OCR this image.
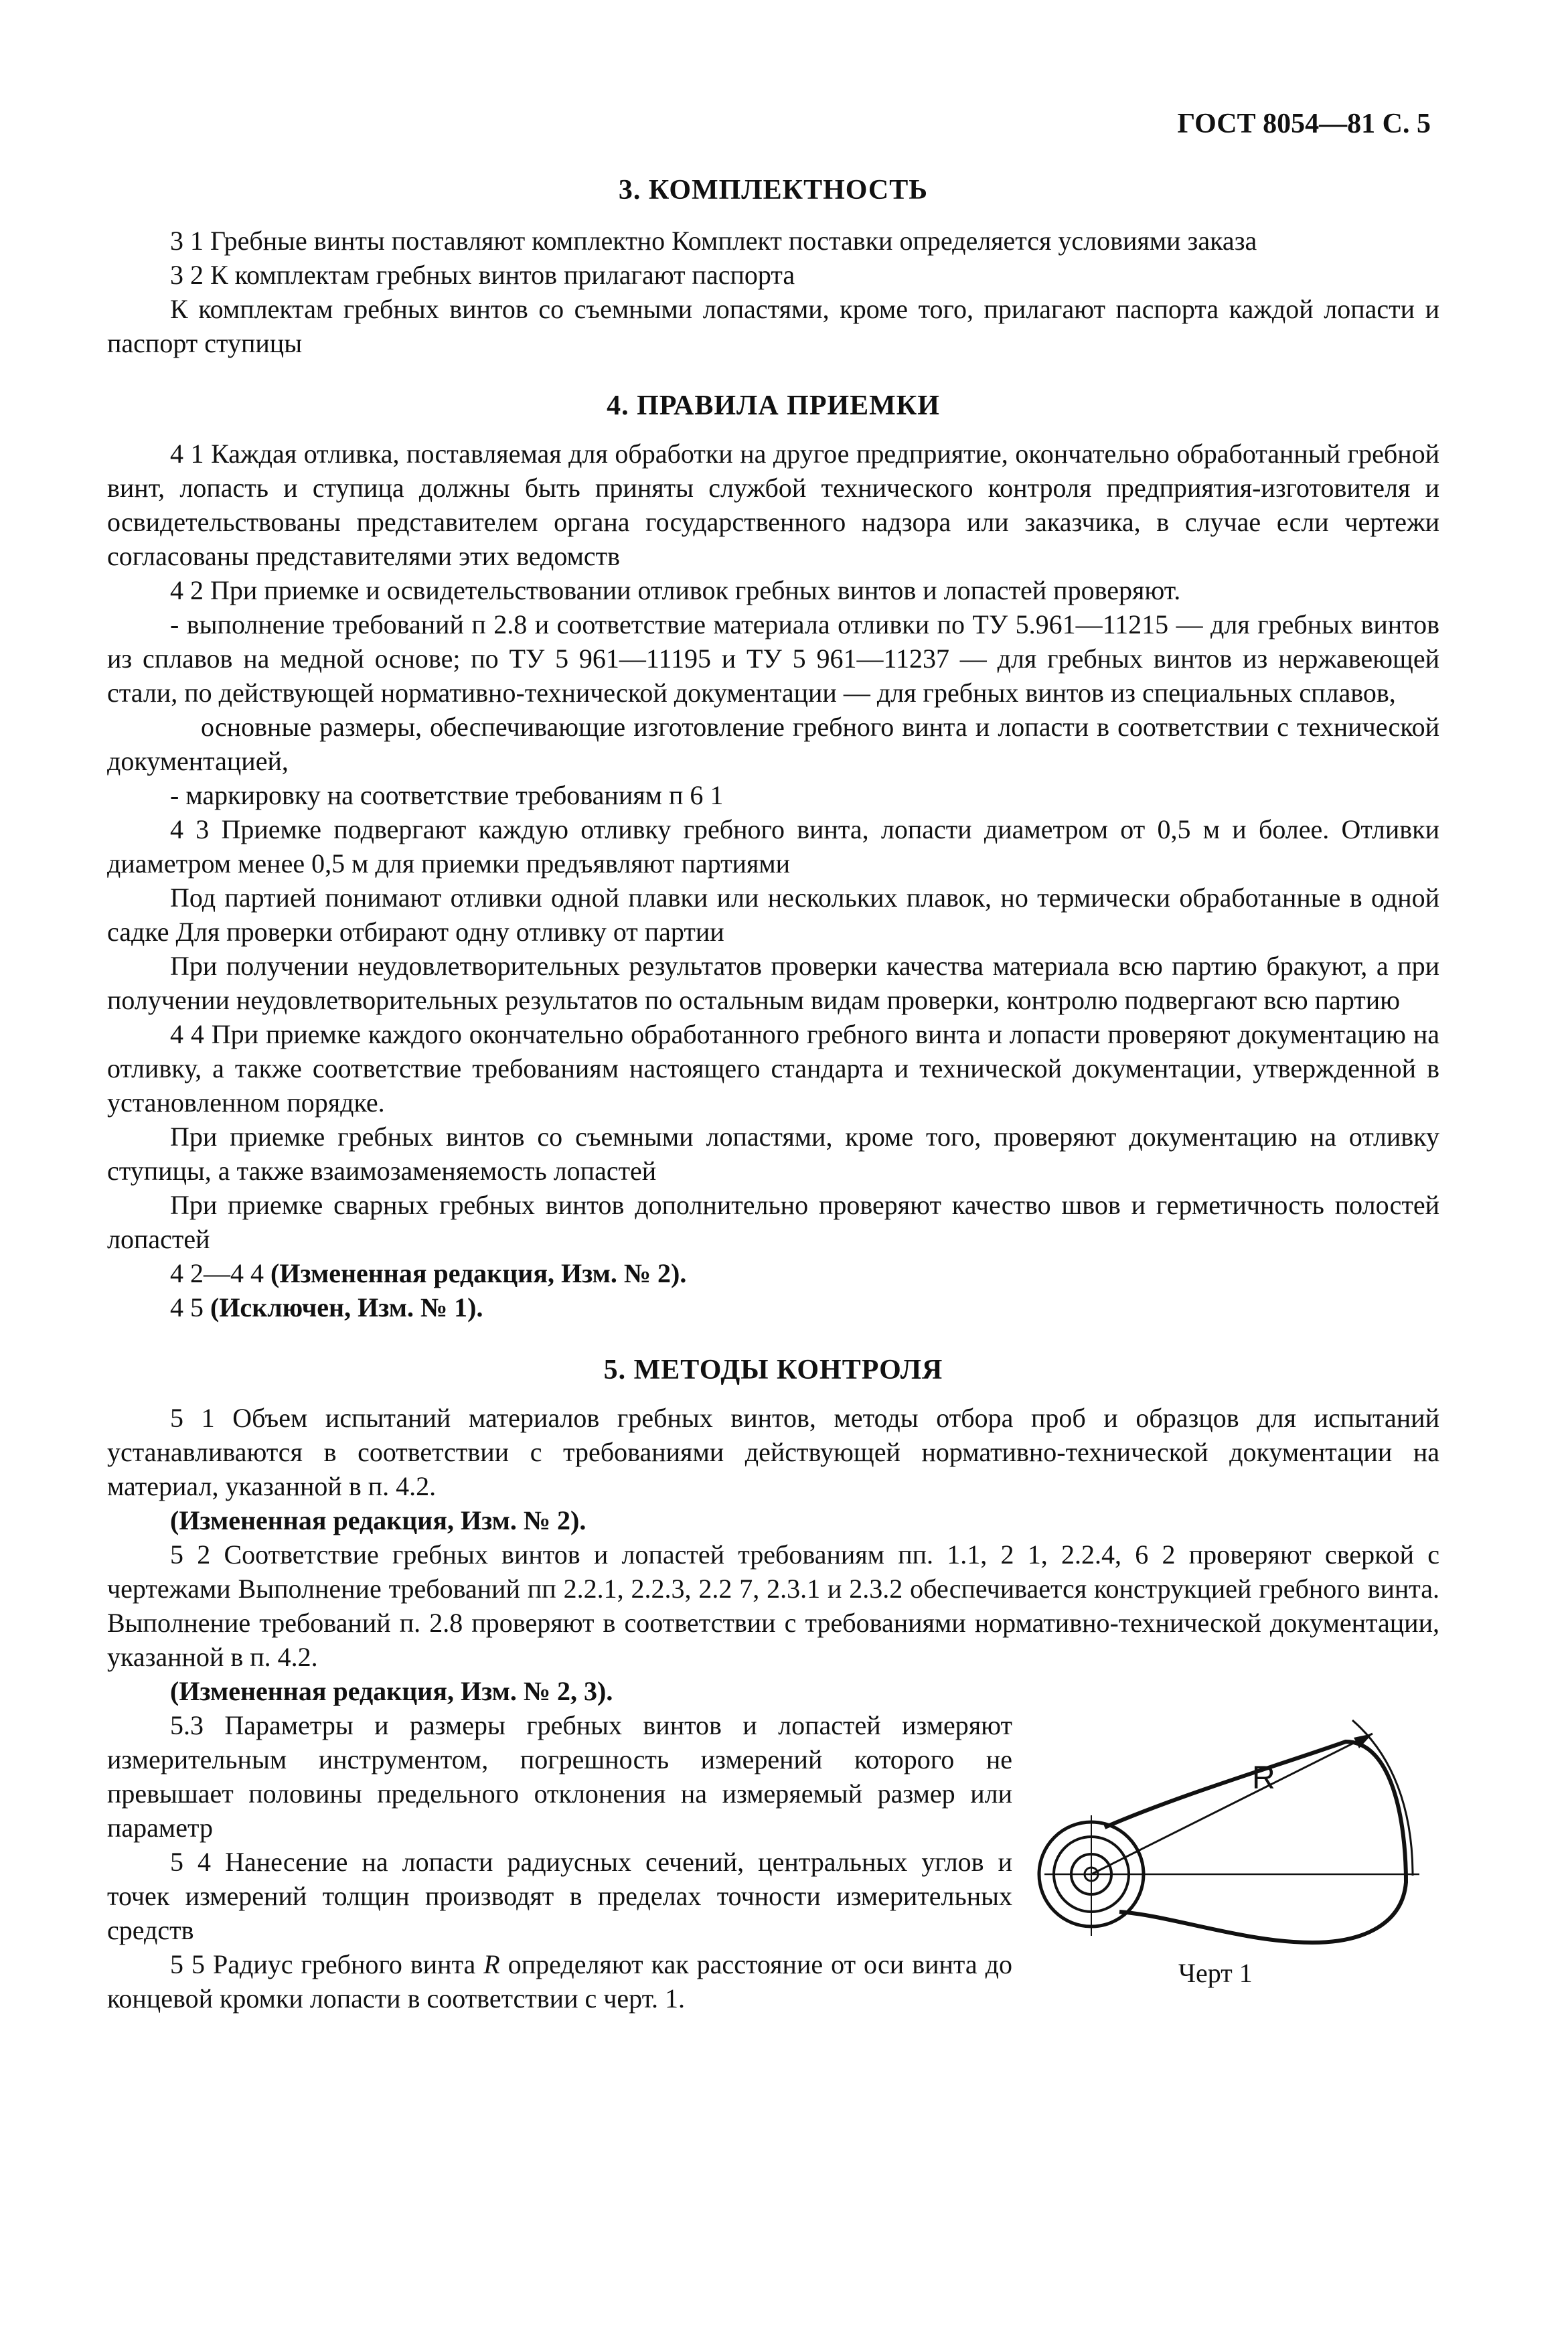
ГОСТ 8054—81 С. 5
3. КОМПЛЕКТНОСТЬ

3 1 Гребные винты поставляют комплектно Комплект поставки определяется условиями заказа

3 2 К комплектам гребных винтов прилагают паспорта

К комплектам гребных винтов со съемными лопастями, кроме того, прилагают паспорта каждой лопасти и паспорт ступицы

4. ПРАВИЛА ПРИЕМКИ

4 1 Каждая отливка, поставляемая для обработки на другое предприятие, окончательно обработанный гребной винт, лопасть и ступица должны быть приняты службой технического контроля предприятия-изготовителя и освидетельствованы представителем органа государственного надзора или заказчика, в случае если чертежи согласованы представителями этих ведомств

4 2 При приемке и освидетельствовании отливок гребных винтов и лопастей проверяют.

- выполнение требований п 2.8 и соответствие материала отливки по ТУ 5.961—11215 — для гребных винтов из сплавов на медной основе; по ТУ 5 961—11195 и ТУ 5 961—11237 — для гребных винтов из нержавеющей стали, по действующей нормативно-технической документации — для гребных винтов из специальных сплавов,

основные размеры, обеспечивающие изготовление гребного винта и лопасти в соответствии с технической документацией,

- маркировку на соответствие требованиям п 6 1

4 3 Приемке подвергают каждую отливку гребного винта, лопасти диаметром от 0,5 м и более. Отливки диаметром менее 0,5 м для приемки предъявляют партиями

Под партией понимают отливки одной плавки или нескольких плавок, но термически обработанные в одной садке Для проверки отбирают одну отливку от партии

При получении неудовлетворительных результатов проверки качества материала всю партию бракуют, а при получении неудовлетворительных результатов по остальным видам проверки, контролю подвергают всю партию

4 4 При приемке каждого окончательно обработанного гребного винта и лопасти проверяют документацию на отливку, а также соответствие требованиям настоящего стандарта и технической документации, утвержденной в установленном порядке.

При приемке гребных винтов со съемными лопастями, кроме того, проверяют документацию на отливку ступицы, а также взаимозаменяемость лопастей

При приемке сварных гребных винтов дополнительно проверяют качество швов и герметичность полостей лопастей

4 2—4 4 (Измененная редакция, Изм. № 2).

4 5 (Исключен, Изм. № 1).

5. МЕТОДЫ КОНТРОЛЯ

5 1 Объем испытаний материалов гребных винтов, методы отбора проб и образцов для испытаний устанавливаются в соответствии с требованиями действующей нормативно-технической документации на материал, указанной в п. 4.2.

(Измененная редакция, Изм. № 2).

5 2 Соответствие гребных винтов и лопастей требованиям пп. 1.1, 2 1, 2.2.4, 6 2 проверяют сверкой с чертежами Выполнение требований пп 2.2.1, 2.2.3, 2.2 7, 2.3.1 и 2.3.2 обеспечивается конструкцией гребного винта. Выполнение требований п. 2.8 проверяют в соответствии с требованиями нормативно-технической документации, указанной в п. 4.2.

(Измененная редакция, Изм. № 2, 3).

5.3 Параметры и размеры гребных винтов и лопастей измеряют измерительным инструментом, погрешность измерений которого не превышает половины предельного отклонения на измеряемый размер или параметр

5 4 Нанесение на лопасти радиусных сечений, центральных углов и точек измерений толщин производят в пределах точности измерительных средств

5 5 Радиус гребного винта R определяют как расстояние от оси винта до концевой кромки лопасти в соответствии с черт. 1.

R
Черт 1
